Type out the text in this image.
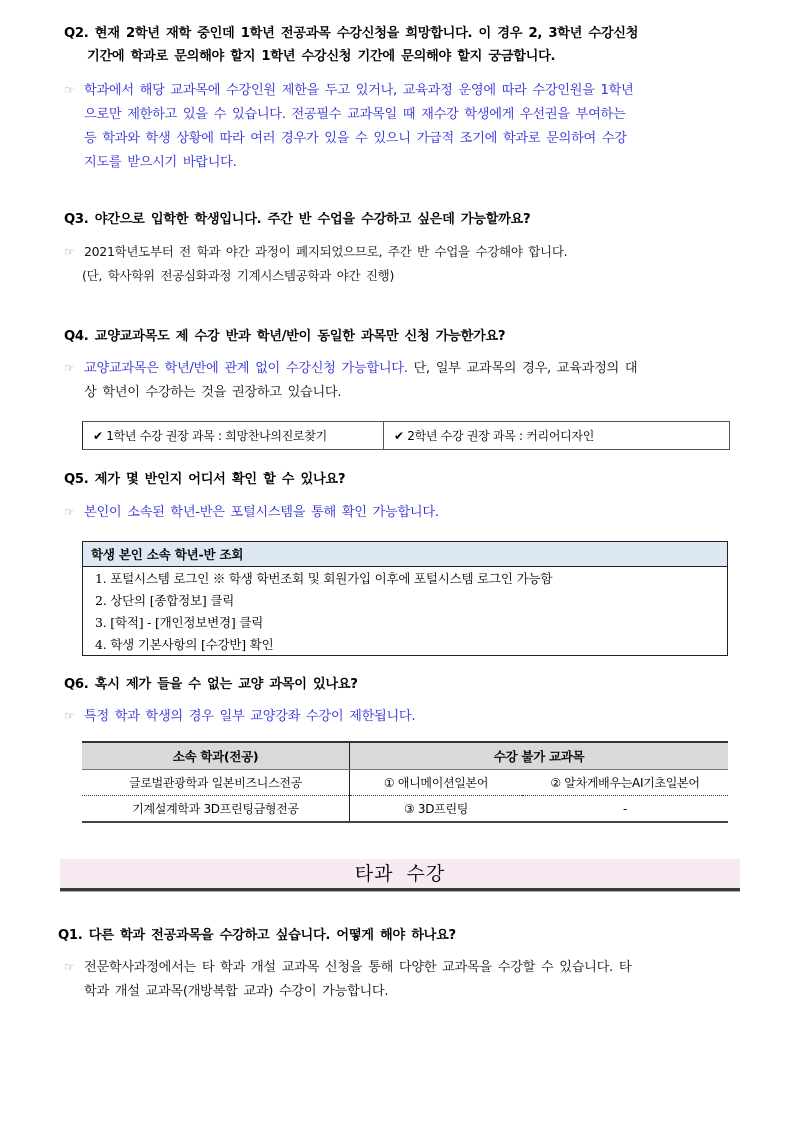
Q2. 현재 2학년 재학 중인데 1학년 전공과목 수강신청을 희망합니다. 이 경우 2, 3학년 수강신청
기간에 학과로 문의해야 할지 1학년 수강신청 기간에 문의해야 할지 궁금합니다.
☞ 학과에서 해당 교과목에 수강인원 제한을 두고 있거나, 교육과정 운영에 따라 수강인원을 1학년
으로만 제한하고 있을 수 있습니다. 전공필수 교과목일 때 재수강 학생에게 우선권을 부여하는
등 학과와 학생 상황에 따라 여러 경우가 있을 수 있으니 가급적 조기에 학과로 문의하여 수강
지도를 받으시기 바랍니다.
Q3. 야간으로 입학한 학생입니다. 주간 반 수업을 수강하고 싶은데 가능할까요?
☞ 2021학년도부터 전 학과 야간 과정이 폐지되었으므로, 주간 반 수업을 수강해야 합니다.
(단, 학사학위 전공심화과정 기계시스템공학과 야간 진행)
Q4. 교양교과목도 제 수강 반과 학년/반이 동일한 과목만 신청 가능한가요?
☞ 교양교과목은 학년/반에 관계 없이 수강신청 가능합니다. 단, 일부 교과목의 경우, 교육과정의 대
상 학년이 수강하는 것을 권장하고 있습니다.
✔ 1학년 수강 권장 과목 : 희망찬나의진로찾기	✔ 2학년 수강 권장 과목 : 커리어디자인
Q5. 제가 몇 반인지 어디서 확인 할 수 있나요?
☞ 본인이 소속된 학년-반은 포털시스템을 통해 확인 가능합니다.
학생 본인 소속 학년-반 조회
1. 포털시스템 로그인 ※ 학생 학번조회 및 회원가입 이후에 포털시스템 로그인 가능함
2. 상단의 [종합정보] 클릭
3. [학적] - [개인정보변경] 클릭
4. 학생 기본사항의 [수강반] 확인
Q6. 혹시 제가 들을 수 없는 교양 과목이 있나요?
☞ 특정 학과 학생의 경우 일부 교양강좌 수강이 제한됩니다.
소속 학과(전공)	수강 불가 교과목	
글로벌관광학과 일본비즈니스전공	① 애니메이션일본어	② 알차게배우는AI기초일본어
기계설계학과 3D프린팅금형전공	③ 3D프린팅	-
타과 수강
Q1. 다른 학과 전공과목을 수강하고 싶습니다. 어떻게 해야 하나요?
☞ 전문학사과정에서는 타 학과 개설 교과목 신청을 통해 다양한 교과목을 수강할 수 있습니다. 타
학과 개설 교과목(개방복합 교과) 수강이 가능합니다.
